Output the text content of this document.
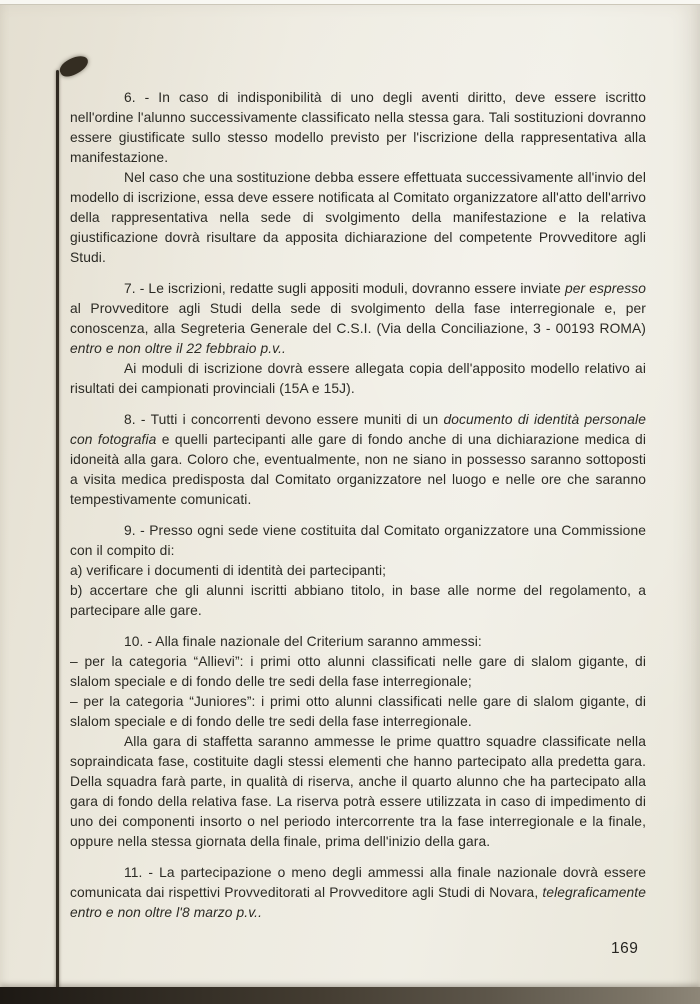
6. - In caso di indisponibilità di uno degli aventi diritto, deve essere iscritto nell'ordine l'alunno successivamente classificato nella stessa gara. Tali sostituzioni dovranno essere giustificate sullo stesso modello previsto per l'iscrizione della rappresentativa alla manifestazione.

Nel caso che una sostituzione debba essere effettuata successivamente all'invio del modello di iscrizione, essa deve essere notificata al Comitato organizzatore all'atto dell'arrivo della rappresentativa nella sede di svolgimento della manifestazione e la relativa giustificazione dovrà risultare da apposita dichiarazione del competente Provveditore agli Studi.

7. - Le iscrizioni, redatte sugli appositi moduli, dovranno essere inviate per espresso al Provveditore agli Studi della sede di svolgimento della fase interregionale e, per conoscenza, alla Segreteria Generale del C.S.I. (Via della Conciliazione, 3 - 00193 ROMA) entro e non oltre il 22 febbraio p.v..

Ai moduli di iscrizione dovrà essere allegata copia dell'apposito modello relativo ai risultati dei campionati provinciali (15A e 15J).

8. - Tutti i concorrenti devono essere muniti di un documento di identità personale con fotografia e quelli partecipanti alle gare di fondo anche di una dichiarazione medica di idoneità alla gara. Coloro che, eventualmente, non ne siano in possesso saranno sottoposti a visita medica predisposta dal Comitato organizzatore nel luogo e nelle ore che saranno tempestivamente comunicati.

9. - Presso ogni sede viene costituita dal Comitato organizzatore una Commissione con il compito di:

a) verificare i documenti di identità dei partecipanti;

b) accertare che gli alunni iscritti abbiano titolo, in base alle norme del regolamento, a partecipare alle gare.

10. - Alla finale nazionale del Criterium saranno ammessi:

– per la categoria “Allievi”: i primi otto alunni classificati nelle gare di slalom gigante, di slalom speciale e di fondo delle tre sedi della fase interregionale;

– per la categoria “Juniores”: i primi otto alunni classificati nelle gare di slalom gigante, di slalom speciale e di fondo delle tre sedi della fase interregionale.

Alla gara di staffetta saranno ammesse le prime quattro squadre classificate nella sopraindicata fase, costituite dagli stessi elementi che hanno partecipato alla predetta gara. Della squadra farà parte, in qualità di riserva, anche il quarto alunno che ha partecipato alla gara di fondo della relativa fase. La riserva potrà essere utilizzata in caso di impedimento di uno dei componenti insorto o nel periodo intercorrente tra la fase interregionale e la finale, oppure nella stessa giornata della finale, prima dell'inizio della gara.

11. - La partecipazione o meno degli ammessi alla finale nazionale dovrà essere comunicata dai rispettivi Provveditorati al Provveditore agli Studi di Novara, telegraficamente entro e non oltre l'8 marzo p.v..

169
